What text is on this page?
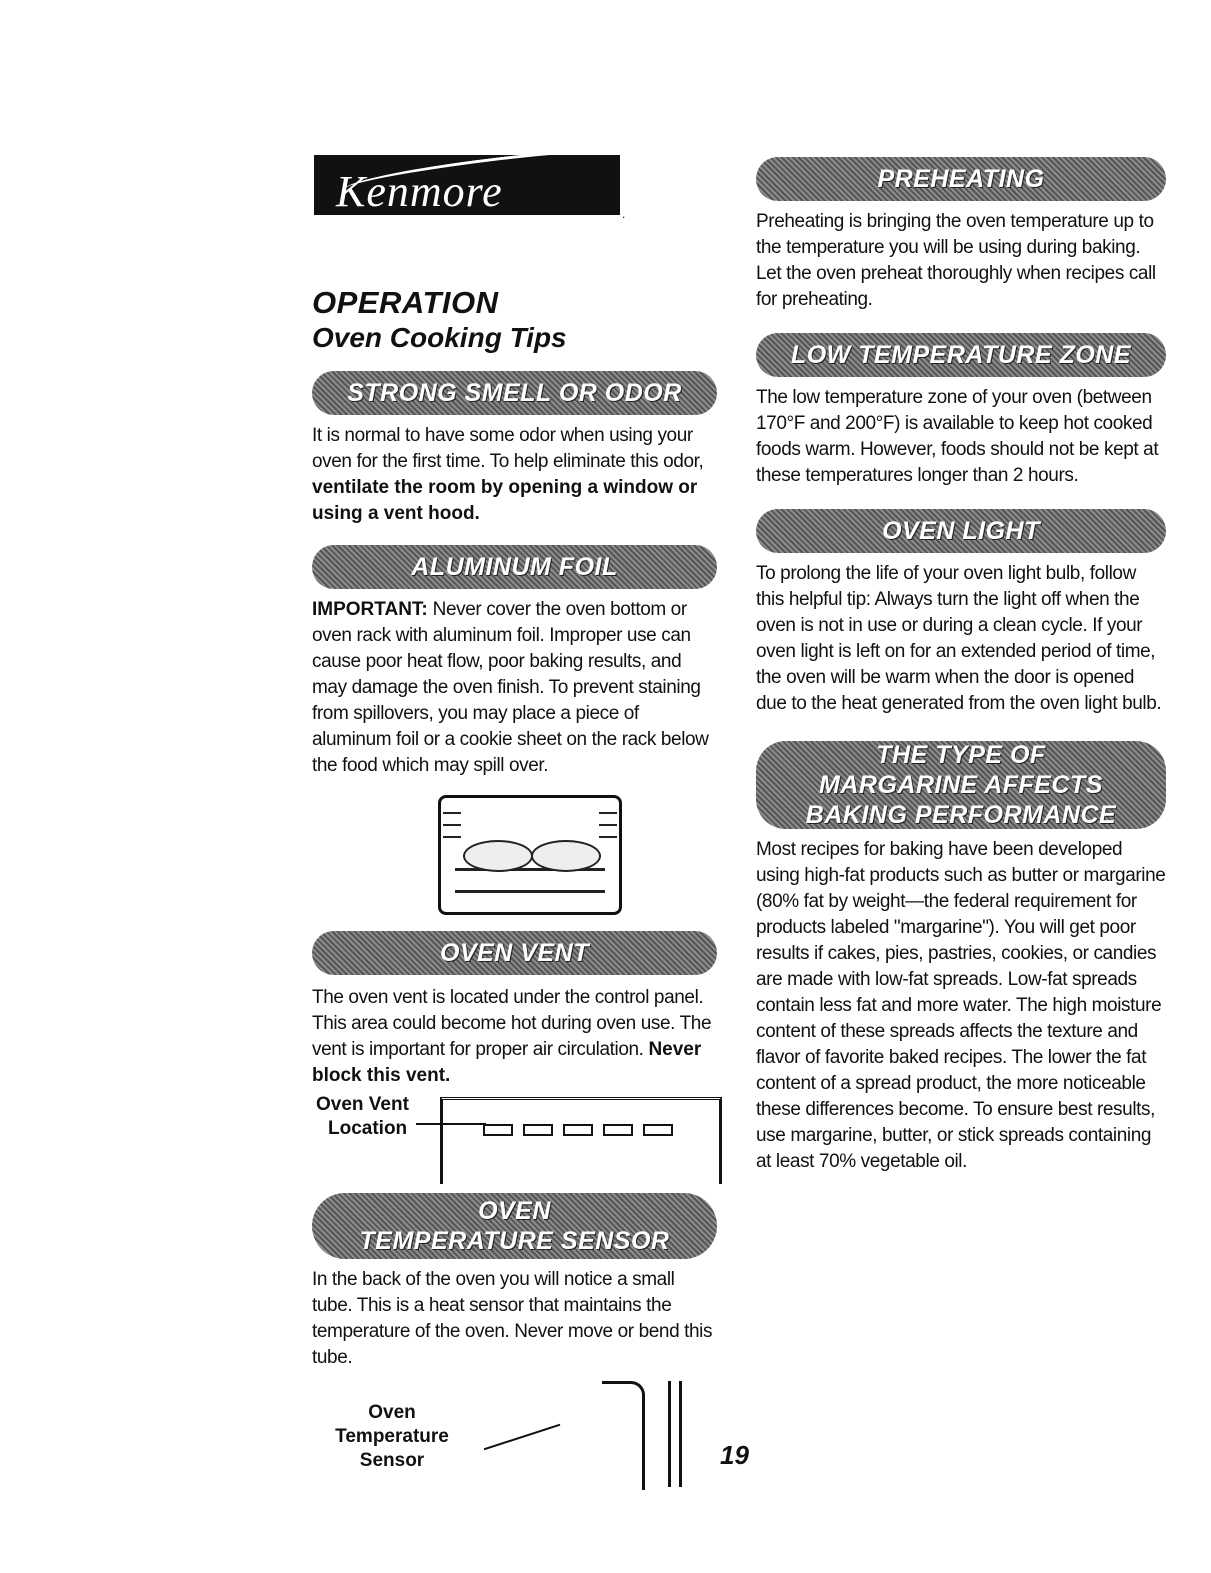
Kenmore	.
OPERATION
Oven Cooking Tips
STRONG SMELL OR ODOR

It is normal to have some odor when using your oven for the first time. To help eliminate this odor, ventilate the room by opening a window or using a vent hood.

ALUMINUM FOIL

IMPORTANT: Never cover the oven bottom or oven rack with aluminum foil. Improper use can cause poor heat flow, poor baking results, and may damage the oven finish. To prevent staining from spillovers, you may place a piece of aluminum foil or a cookie sheet on the rack below the food which may spill over.

OVEN VENT

The oven vent is located under the control panel. This area could become hot during oven use. The vent is important for proper air circulation. Never block this vent.

Oven Vent
Location
OVEN
TEMPERATURE SENSOR

In the back of the oven you will notice a small tube. This is a heat sensor that maintains the temperature of the oven. Never move or bend this tube.

Oven
Temperature
Sensor
PREHEATING

Preheating is bringing the oven temperature up to the temperature you will be using during baking. Let the oven preheat thoroughly when recipes call for preheating.

LOW TEMPERATURE ZONE

The low temperature zone of your oven (between 170°F and 200°F) is available to keep hot cooked foods warm. However, foods should not be kept at these temperatures longer than 2 hours.

OVEN LIGHT

To prolong the life of your oven light bulb, follow this helpful tip: Always turn the light off when the oven is not in use or during a clean cycle. If your oven light is left on for an extended period of time, the oven will be warm when the door is opened due to the heat generated from the oven light bulb.

THE TYPE OF
MARGARINE AFFECTS
BAKING PERFORMANCE

Most recipes for baking have been developed using high-fat products such as butter or margarine (80% fat by weight—the federal requirement for products labeled "margarine"). You will get poor results if cakes, pies, pastries, cookies, or candies are made with low-fat spreads. Low-fat spreads contain less fat and more water. The high moisture content of these spreads affects the texture and flavor of favorite baked recipes. The lower the fat content of a spread product, the more noticeable these differences become. To ensure best results, use margarine, butter, or stick spreads containing at least 70% vegetable oil.

19
